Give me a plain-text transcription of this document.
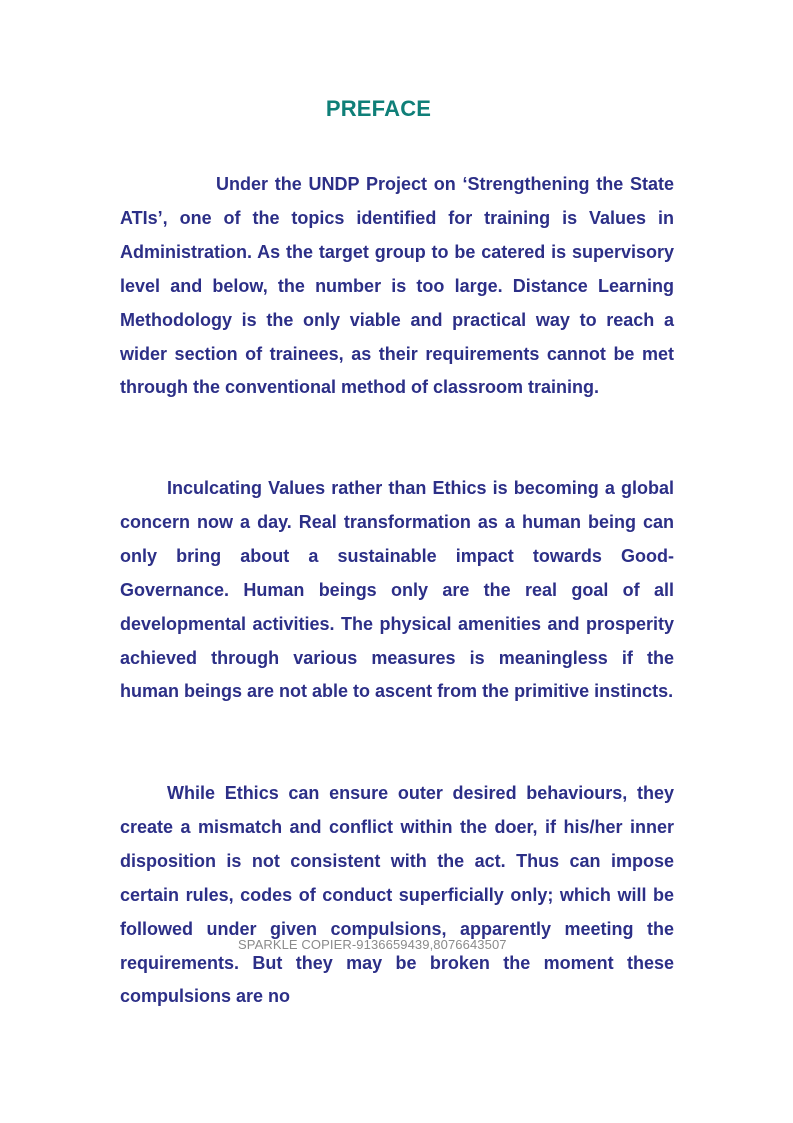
PREFACE

Under the UNDP Project on ‘Strengthening the State ATIs’, one of the topics identified for training is Values in Administration. As the target group to be catered is supervisory level and below, the number is too large. Distance Learning Methodology is the only viable and practical way to reach a wider section of trainees, as their requirements cannot be met through the conventional method of classroom training.

Inculcating Values rather than Ethics is becoming a global concern now a day. Real transformation as a human being can only bring about a sustainable impact towards Good-Governance. Human beings only are the real goal of all developmental activities. The physical amenities and prosperity achieved through various measures is meaningless if the human beings are not able to ascent from the primitive instincts.

While Ethics can ensure outer desired behaviours, they create a mismatch and conflict within the doer, if his/her inner disposition is not consistent with the act. Thus can impose certain rules, codes of conduct superficially only; which will be followed under given compulsions, apparently meeting the requirements. But they may be broken the moment these compulsions are no

SPARKLE COPIER-9136659439,8076643507
